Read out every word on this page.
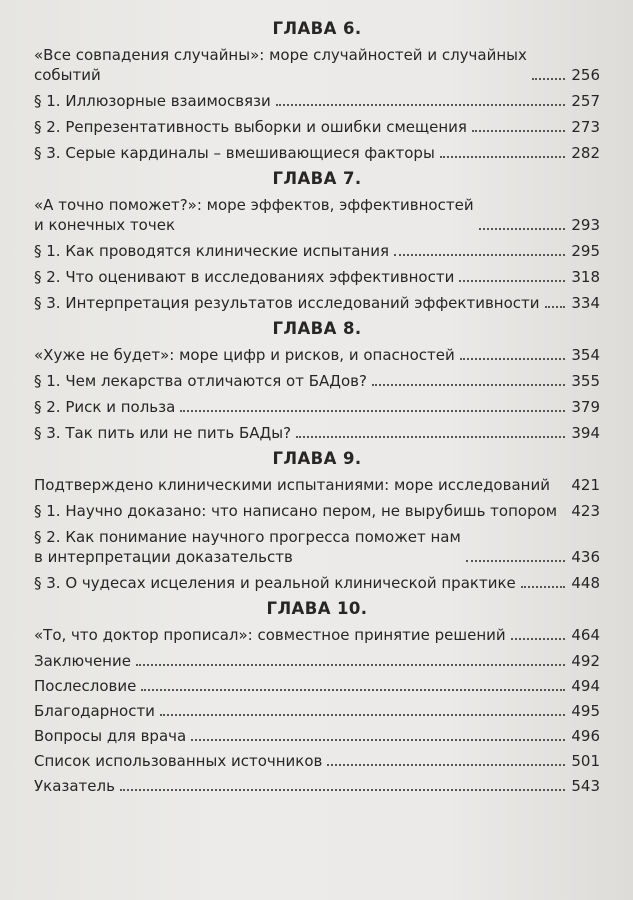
ГЛАВА 6.
«Все совпадения случайны»: море случайностей и случайных
событий	256
§ 1. Иллюзорные взаимосвязи	257
§ 2. Репрезентативность выборки и ошибки смещения	273
§ 3. Серые кардиналы – вмешивающиеся факторы	282
ГЛАВА 7.
«А точно поможет?»: море эффектов, эффективностей
и конечных точек	293
§ 1. Как проводятся клинические испытания	295
§ 2. Что оценивают в исследованиях эффективности	318
§ 3. Интерпретация результатов исследований эффективности 334
ГЛАВА 8.
«Хуже не будет»: море цифр и рисков, и опасностей	354
§ 1. Чем лекарства отличаются от БАДов?	355
§ 2. Риск и польза	379
§ 3. Так пить или не пить БАДы?	394
ГЛАВА 9.
Подтверждено клиническими испытаниями: море исследований 421
§ 1. Научно доказано: что написано пером, не вырубишь топором 423
§ 2. Как понимание научного прогресса поможет нам
в интерпретации доказательств	436
§ 3. О чудесах исцеления и реальной клинической практике	448
ГЛАВА 10.
«То, что доктор прописал»: совместное принятие решений	464
Заключение	492
Послесловие	494
Благодарности	495
Вопросы для врача	496
Список использованных источников	501
Указатель	543
